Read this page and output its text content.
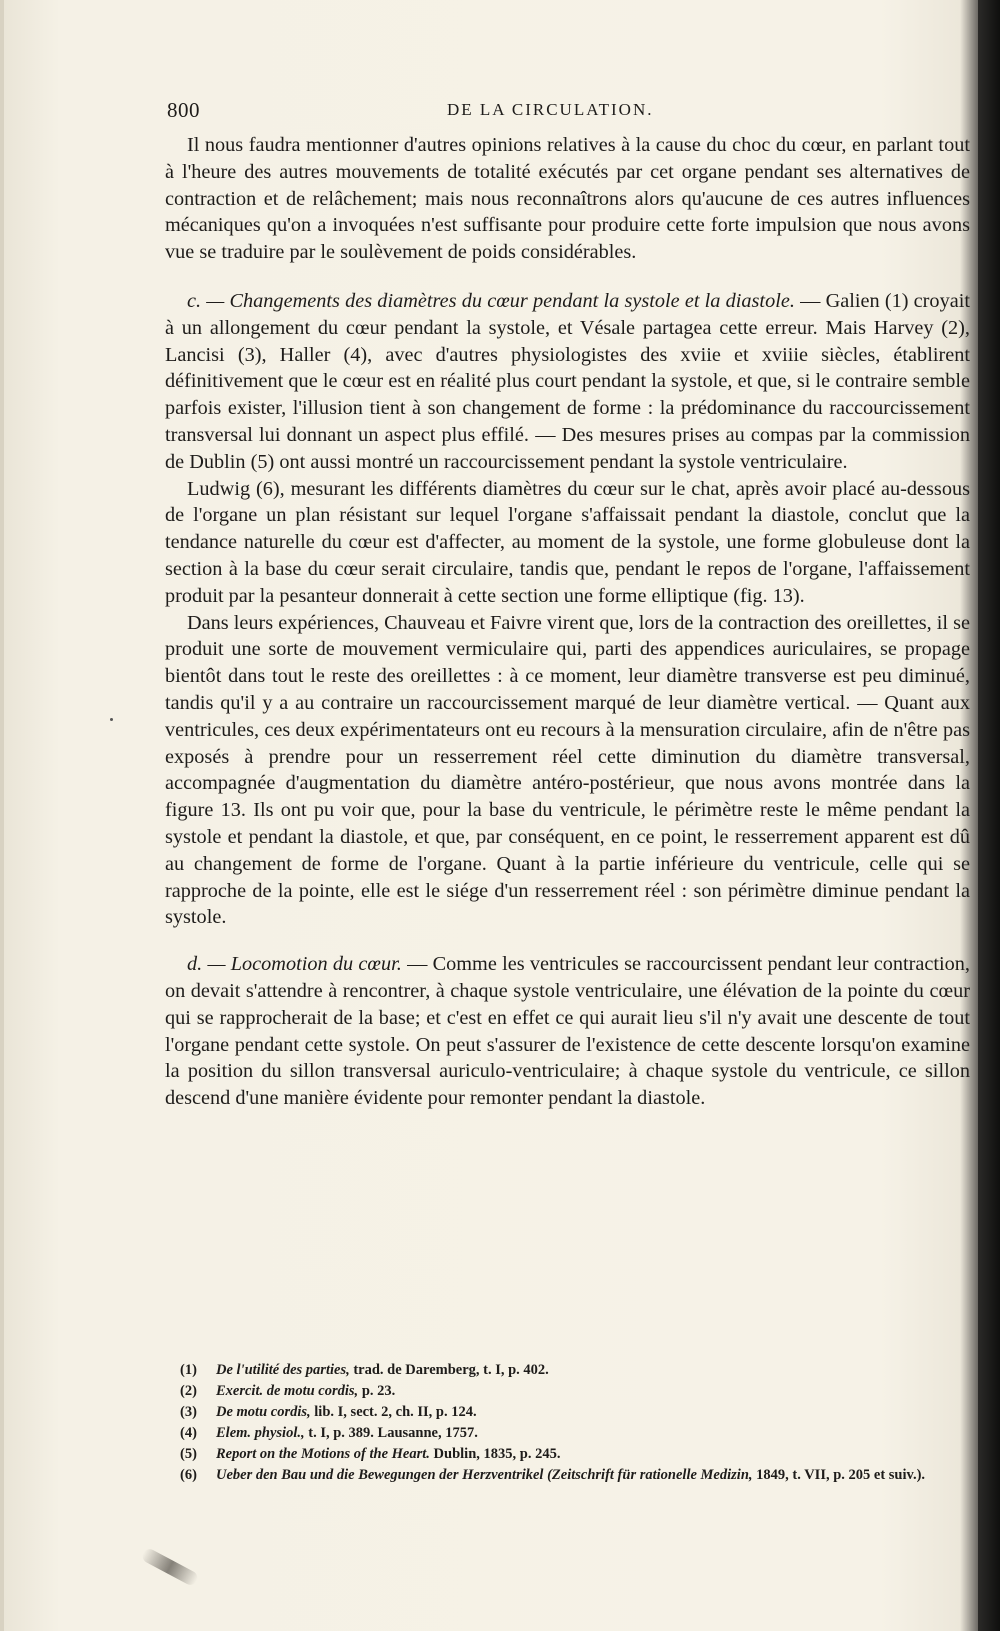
800	DE LA CIRCULATION.

Il nous faudra mentionner d'autres opinions relatives à la cause du choc du cœur, en parlant tout à l'heure des autres mouvements de totalité exécutés par cet organe pendant ses alternatives de contraction et de relâchement; mais nous reconnaîtrons alors qu'aucune de ces autres influences mécaniques qu'on a invoquées n'est suffisante pour produire cette forte impulsion que nous avons vue se traduire par le soulèvement de poids considérables.

c. — Changements des diamètres du cœur pendant la systole et la diastole. — Galien (1) croyait à un allongement du cœur pendant la systole, et Vésale partagea cette erreur. Mais Harvey (2), Lancisi (3), Haller (4), avec d'autres physiologistes des xviie et xviiie siècles, établirent définitivement que le cœur est en réalité plus court pendant la systole, et que, si le contraire semble parfois exister, l'illusion tient à son changement de forme : la prédominance du raccourcissement transversal lui donnant un aspect plus effilé. — Des mesures prises au compas par la commission de Dublin (5) ont aussi montré un raccourcissement pendant la systole ventriculaire.

Ludwig (6), mesurant les différents diamètres du cœur sur le chat, après avoir placé au-dessous de l'organe un plan résistant sur lequel l'organe s'affaissait pendant la diastole, conclut que la tendance naturelle du cœur est d'affecter, au moment de la systole, une forme globuleuse dont la section à la base du cœur serait circulaire, tandis que, pendant le repos de l'organe, l'affaissement produit par la pesanteur donnerait à cette section une forme elliptique (fig. 13).

Dans leurs expériences, Chauveau et Faivre virent que, lors de la contraction des oreillettes, il se produit une sorte de mouvement vermiculaire qui, parti des appendices auriculaires, se propage bientôt dans tout le reste des oreillettes : à ce moment, leur diamètre transverse est peu diminué, tandis qu'il y a au contraire un raccourcissement marqué de leur diamètre vertical. — Quant aux ventricules, ces deux expérimentateurs ont eu recours à la mensuration circulaire, afin de n'être pas exposés à prendre pour un resserrement réel cette diminution du diamètre transversal, accompagnée d'augmentation du diamètre antéro-postérieur, que nous avons montrée dans la figure 13. Ils ont pu voir que, pour la base du ventricule, le périmètre reste le même pendant la systole et pendant la diastole, et que, par conséquent, en ce point, le resserrement apparent est dû au changement de forme de l'organe. Quant à la partie inférieure du ventricule, celle qui se rapproche de la pointe, elle est le siége d'un resserrement réel : son périmètre diminue pendant la systole.

d. — Locomotion du cœur. — Comme les ventricules se raccourcissent pendant leur contraction, on devait s'attendre à rencontrer, à chaque systole ventriculaire, une élévation de la pointe du cœur qui se rapprocherait de la base; et c'est en effet ce qui aurait lieu s'il n'y avait une descente de tout l'organe pendant cette systole. On peut s'assurer de l'existence de cette descente lorsqu'on examine la position du sillon transversal auriculo-ventriculaire; à chaque systole du ventricule, ce sillon descend d'une manière évidente pour remonter pendant la diastole.

(1) De l'utilité des parties, trad. de Daremberg, t. I, p. 402.

(2) Exercit. de motu cordis, p. 23.

(3) De motu cordis, lib. I, sect. 2, ch. II, p. 124.

(4) Elem. physiol., t. I, p. 389. Lausanne, 1757.

(5) Report on the Motions of the Heart. Dublin, 1835, p. 245.

(6) Ueber den Bau und die Bewegungen der Herzventrikel (Zeitschrift für rationelle Medizin, 1849, t. VII, p. 205 et suiv.).
